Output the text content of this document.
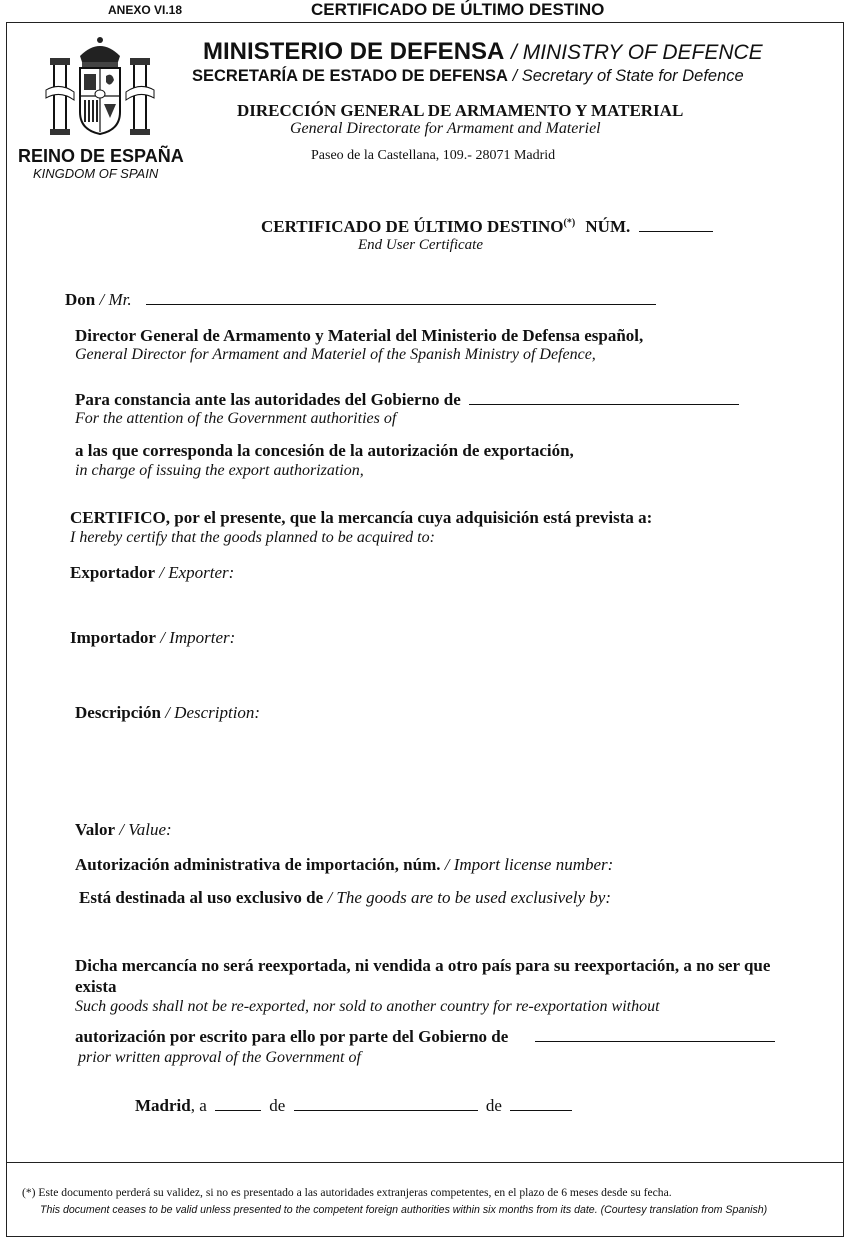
ANEXO VI.18	CERTIFICADO DE ÚLTIMO DESTINO
REINO DE ESPAÑA
KINGDOM OF SPAIN
MINISTERIO DE DEFENSA / MINISTRY OF DEFENCE
SECRETARÍA DE ESTADO DE DEFENSA / Secretary of State for Defence
DIRECCIÓN GENERAL DE ARMAMENTO Y MATERIAL
General Directorate for Armament and Materiel
Paseo de la Castellana, 109.- 28071 Madrid
CERTIFICADO DE ÚLTIMO DESTINO(*) NÚM.
End User Certificate
Don / Mr.
Director General de Armamento y Material del Ministerio de Defensa español,
General Director for Armament and Materiel of the Spanish Ministry of Defence,
Para constancia ante las autoridades del Gobierno de
For the attention of the Government authorities of
a las que corresponda la concesión de la autorización de exportación,
in charge of issuing the export authorization,
CERTIFICO, por el presente, que la mercancía cuya adquisición está prevista a:
I hereby certify that the goods planned to be acquired to:
Exportador / Exporter:
Importador / Importer:
Descripción / Description:
Valor / Value:
Autorización administrativa de importación, núm. / Import license number:
Está destinada al uso exclusivo de / The goods are to be used exclusively by:
Dicha mercancía no será reexportada, ni vendida a otro país para su reexportación, a no ser que
exista
Such goods shall not be re-exported, nor sold to another country for re-exportation without
autorización por escrito para ello por parte del Gobierno de
prior written approval of the Government of
Madrid, a	de	de
(*) Este documento perderá su validez, si no es presentado a las autoridades extranjeras competentes, en el plazo de 6 meses desde su fecha.
This document ceases to be valid unless presented to the competent foreign authorities within six months from its date. (Courtesy translation from Spanish)
